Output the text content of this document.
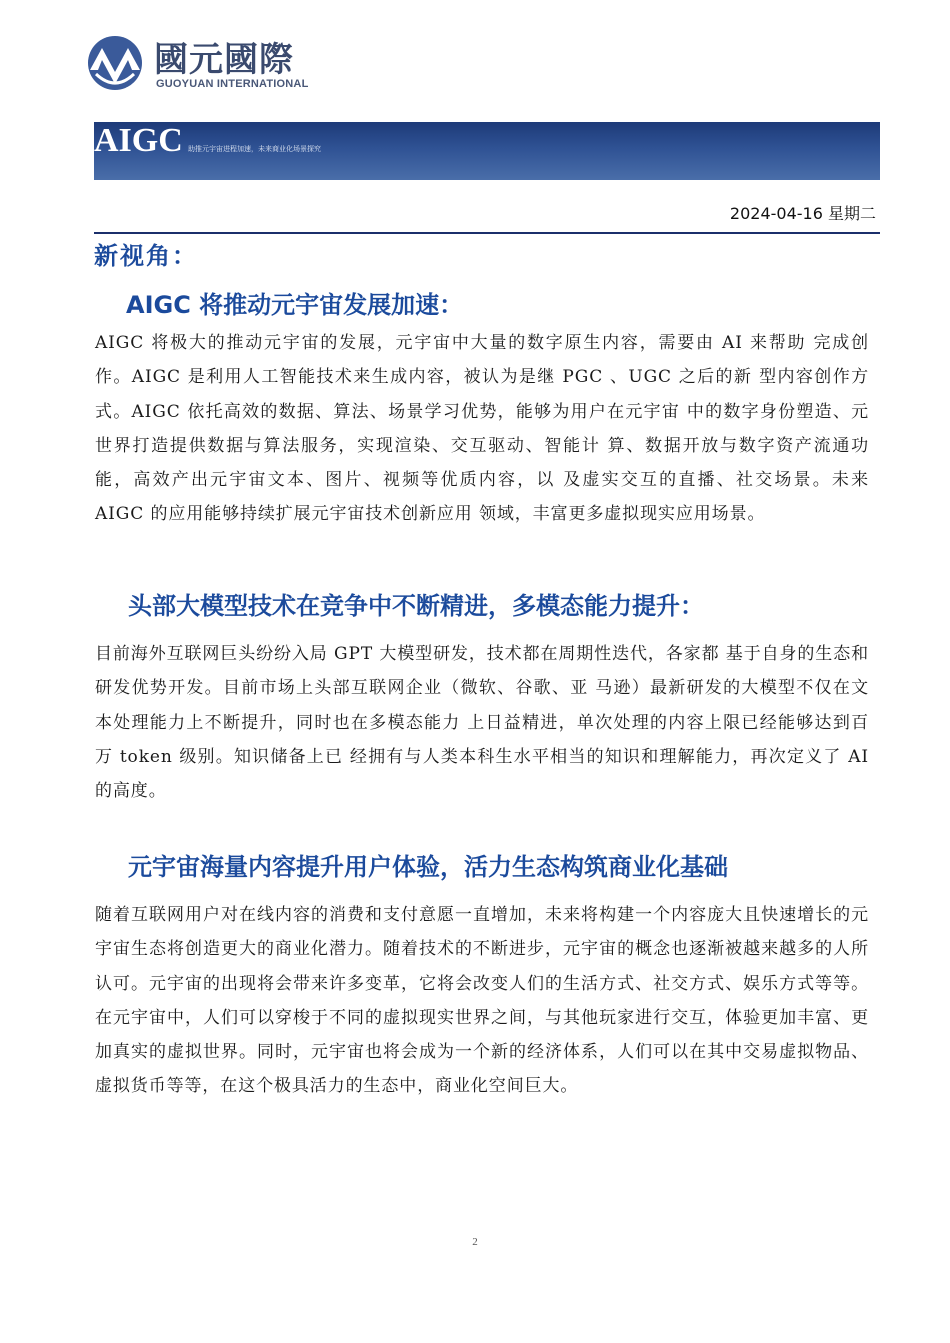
國元國際
GUOYUAN INTERNATIONAL
AIGC 助推元宇宙进程加速，未来商业化场景探究
2024-04-16 星期二
新视角：
AIGC 将推动元宇宙发展加速：

AIGC 将极大的推动元宇宙的发展，元宇宙中大量的数字原生内容，需要由 AI 来帮助 完成创作。AIGC 是利用人工智能技术来生成内容，被认为是继 PGC 、UGC 之后的新 型内容创作方式。AIGC 依托高效的数据、算法、场景学习优势，能够为用户在元宇宙 中的数字身份塑造、元世界打造提供数据与算法服务，实现渲染、交互驱动、智能计 算、数据开放与数字资产流通功能，高效产出元宇宙文本、图片、视频等优质内容，以 及虚实交互的直播、社交场景。未来 AIGC 的应用能够持续扩展元宇宙技术创新应用 领域，丰富更多虚拟现实应用场景。

头部大模型技术在竞争中不断精进，多模态能力提升：

目前海外互联网巨头纷纷入局 GPT 大模型研发，技术都在周期性迭代，各家都 基于自身的生态和研发优势开发。目前市场上头部互联网企业（微软、谷歌、亚 马逊）最新研发的大模型不仅在文本处理能力上不断提升，同时也在多模态能力 上日益精进，单次处理的内容上限已经能够达到百万 token 级别。知识储备上已 经拥有与人类本科生水平相当的知识和理解能力，再次定义了 AI 的高度。

元宇宙海量内容提升用户体验，活力生态构筑商业化基础

随着互联网用户对在线内容的消费和支付意愿一直增加，未来将构建一个内容庞大且快速增长的元宇宙生态将创造更大的商业化潜力。随着技术的不断进步，元宇宙的概念也逐渐被越来越多的人所认可。元宇宙的出现将会带来许多变革，它将会改变人们的生活方式、社交方式、娱乐方式等等。 在元宇宙中，人们可以穿梭于不同的虚拟现实世界之间，与其他玩家进行交互，体验更加丰富、更加真实的虚拟世界。同时，元宇宙也将会成为一个新的经济体系，人们可以在其中交易虚拟物品、虚拟货币等等，在这个极具活力的生态中，商业化空间巨大。

2
